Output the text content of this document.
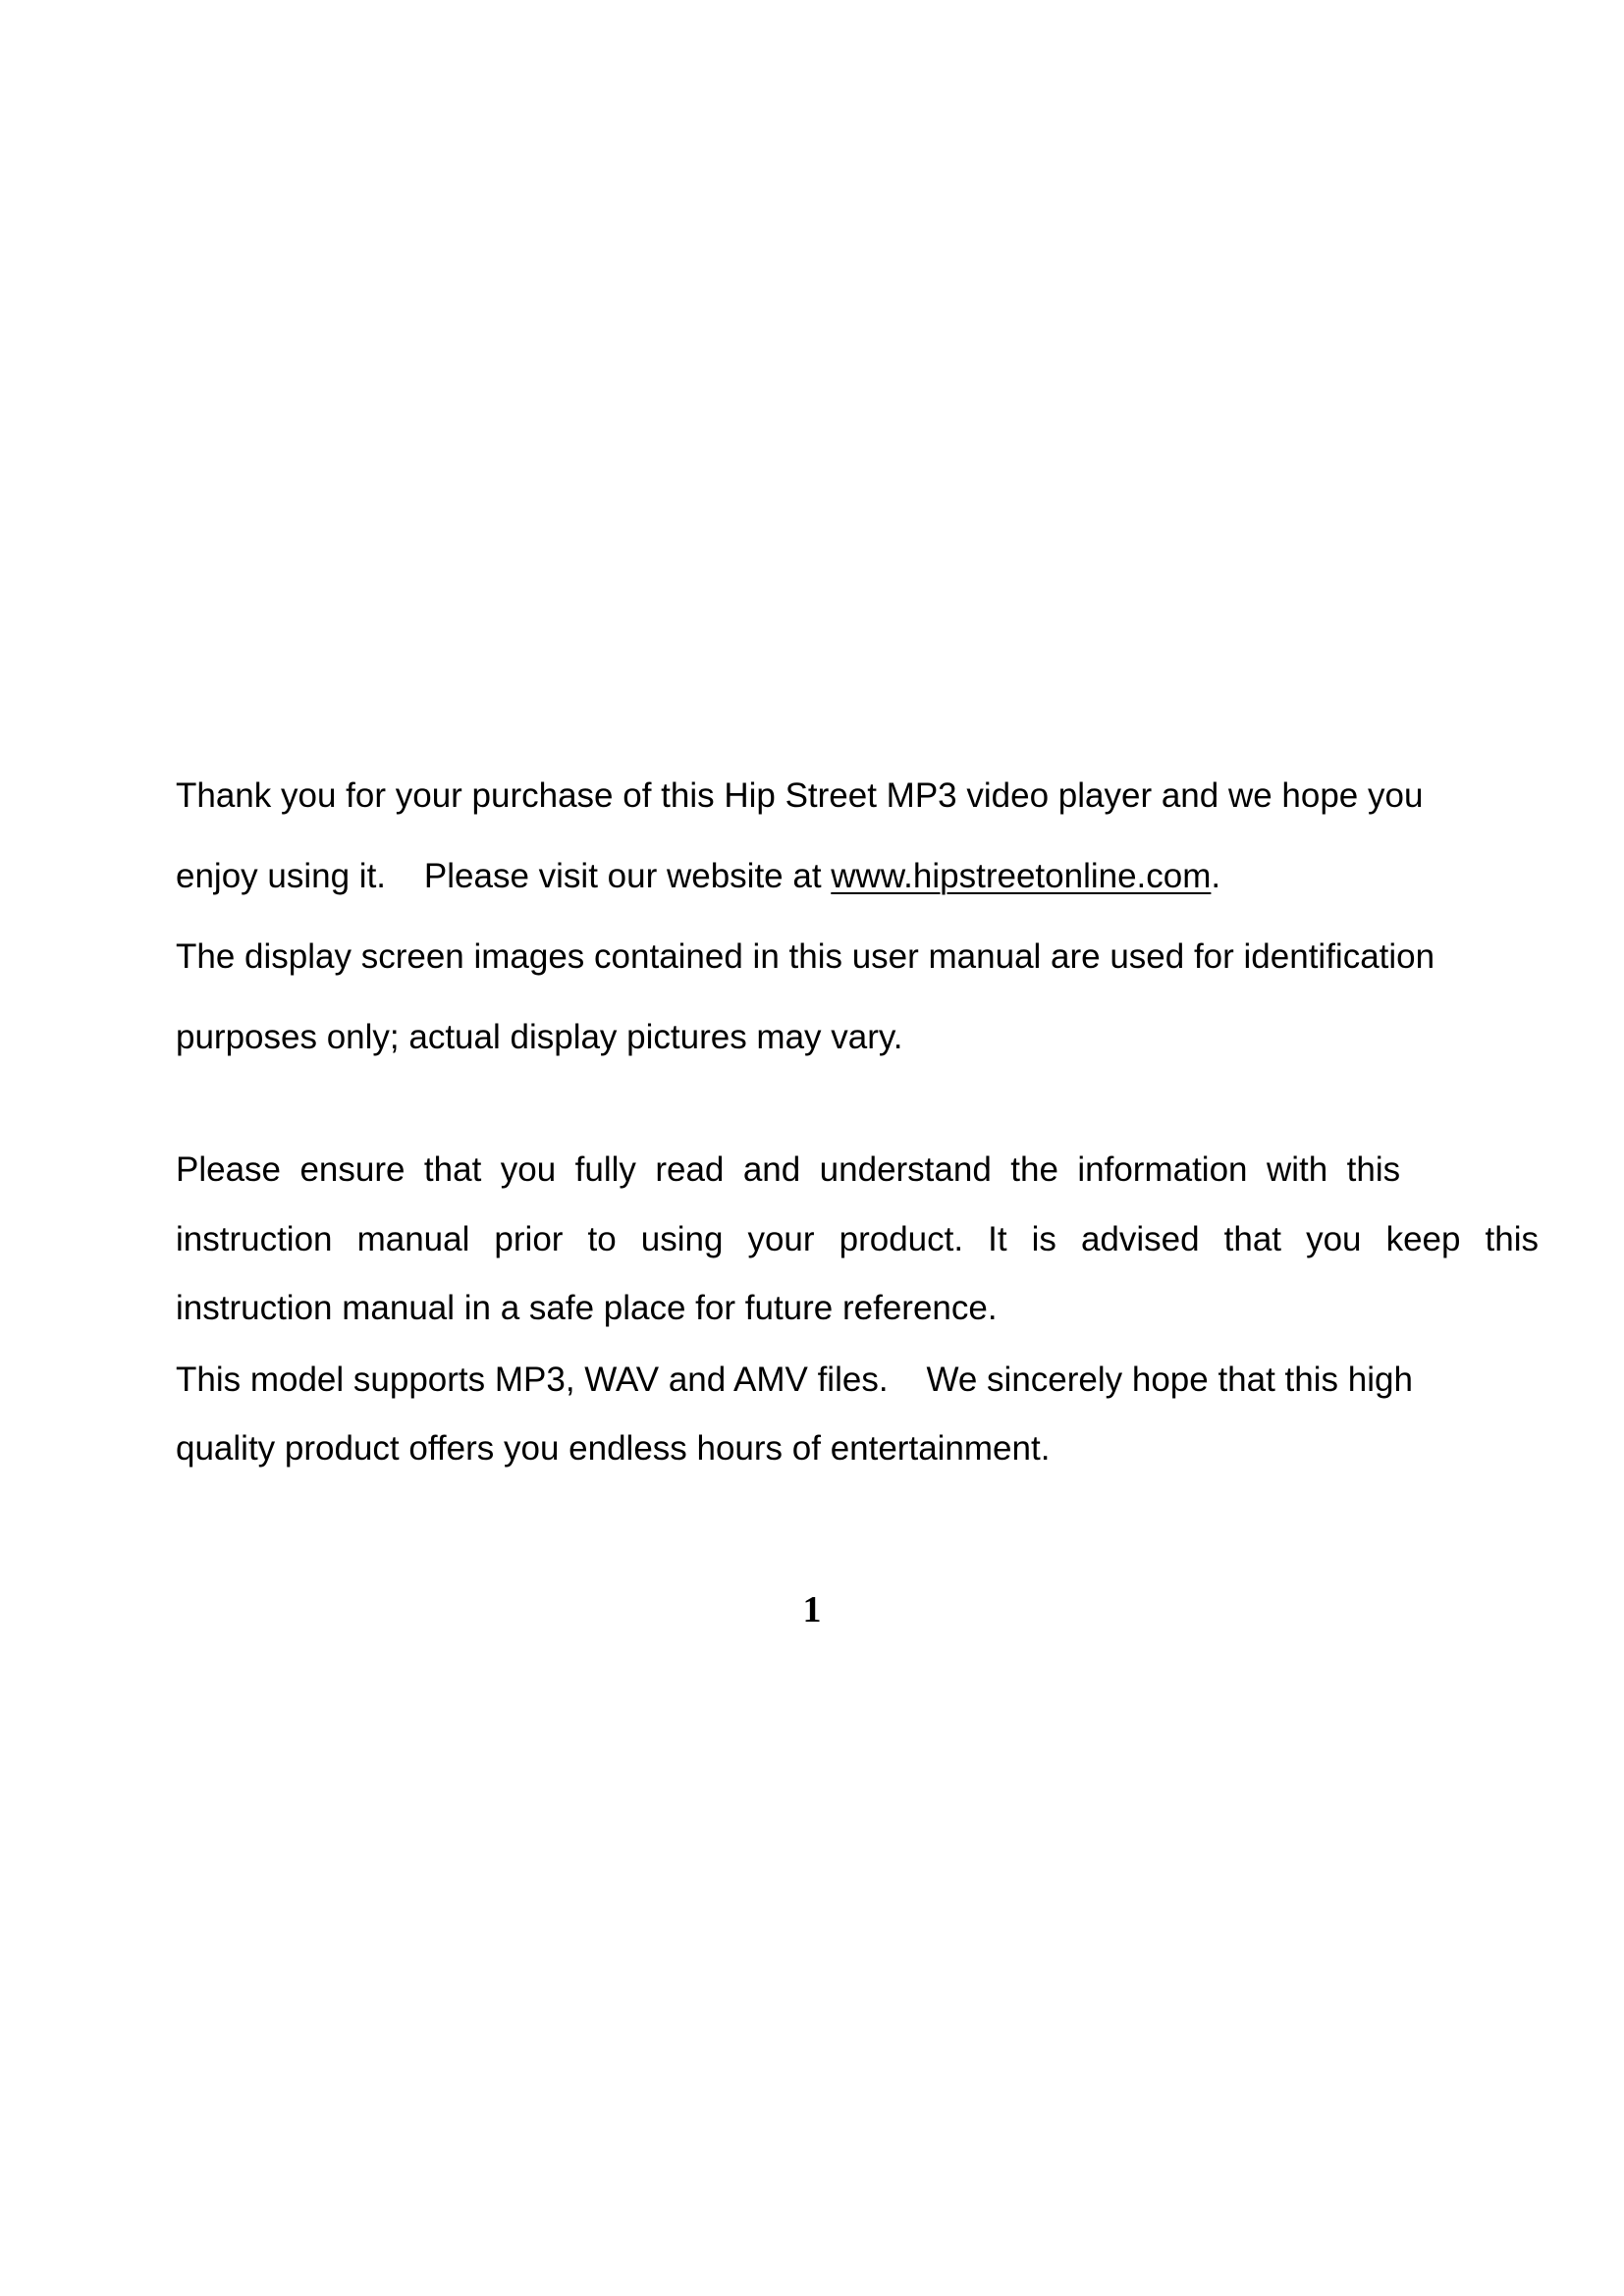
Thank you for your purchase of this Hip Street MP3 video player and we hope you

enjoy using it.    Please visit our website at www.hipstreetonline.com.

The display screen images contained in this user manual are used for identification

purposes only; actual display pictures may vary.

Please  ensure  that  you  fully  read  and  understand  the  information  with  this

instruction manual prior to using your product. It is advised that you keep this

instruction manual in a safe place for future reference.

This model supports MP3, WAV and AMV files.    We sincerely hope that this high

quality product offers you endless hours of entertainment.

1
